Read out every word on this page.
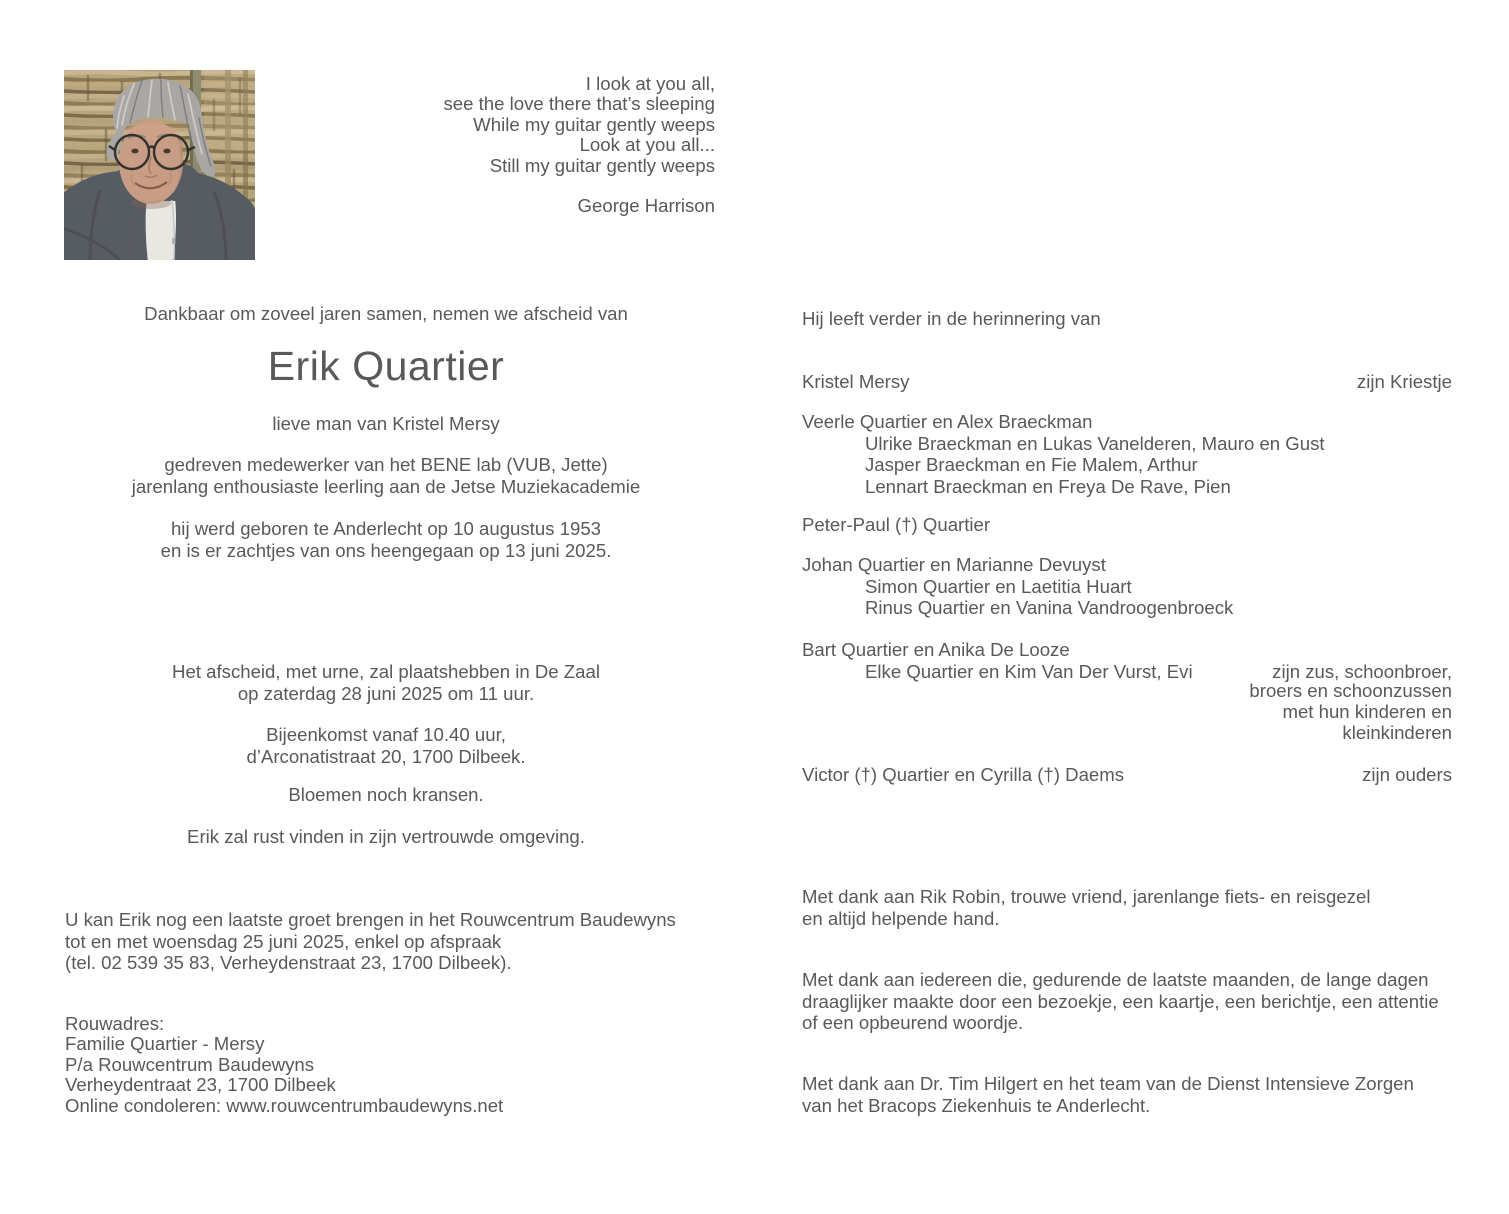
I look at you all,
see the love there that’s sleeping
While my guitar gently weeps
Look at you all...
Still my guitar gently weeps
George Harrison
Dankbaar om zoveel jaren samen, nemen we afscheid van
Erik Quartier
lieve man van Kristel Mersy
gedreven medewerker van het BENE lab (VUB, Jette)
jarenlang enthousiaste leerling aan de Jetse Muziekacademie
hij werd geboren te Anderlecht op 10 augustus 1953
en is er zachtjes van ons heengegaan op 13 juni 2025.
Het afscheid, met urne, zal plaatshebben in De Zaal
op zaterdag 28 juni 2025 om 11 uur.
Bijeenkomst vanaf 10.40 uur,
d’Arconatistraat 20, 1700 Dilbeek.
Bloemen noch kransen.
Erik zal rust vinden in zijn vertrouwde omgeving.
U kan Erik nog een laatste groet brengen in het Rouwcentrum Baudewyns
tot en met woensdag 25 juni 2025, enkel op afspraak
(tel. 02 539 35 83, Verheydenstraat 23, 1700 Dilbeek).
Rouwadres:
Familie Quartier - Mersy
P/a Rouwcentrum Baudewyns
Verheydentraat 23, 1700 Dilbeek
Online condoleren: www.rouwcentrumbaudewyns.net
Hij leeft verder in de herinnering van
Kristel Mersy	zijn Kriestje
Veerle Quartier en Alex Braeckman
Ulrike Braeckman en Lukas Vanelderen, Mauro en Gust
Jasper Braeckman en Fie Malem, Arthur
Lennart Braeckman en Freya De Rave, Pien
Peter-Paul (†) Quartier
Johan Quartier en Marianne Devuyst
Simon Quartier en Laetitia Huart
Rinus Quartier en Vanina Vandroogenbroeck
Bart Quartier en Anika De Looze
Elke Quartier en Kim Van Der Vurst, Evi	zijn zus, schoonbroer,
broers en schoonzussen
met hun kinderen en
kleinkinderen
Victor (†) Quartier en Cyrilla (†) Daems	zijn ouders
Met dank aan Rik Robin, trouwe vriend, jarenlange fiets- en reisgezel
en altijd helpende hand.
Met dank aan iedereen die, gedurende de laatste maanden, de lange dagen
draaglijker maakte door een bezoekje, een kaartje, een berichtje, een attentie
of een opbeurend woordje.
Met dank aan Dr. Tim Hilgert en het team van de Dienst Intensieve Zorgen
van het Bracops Ziekenhuis te Anderlecht.
